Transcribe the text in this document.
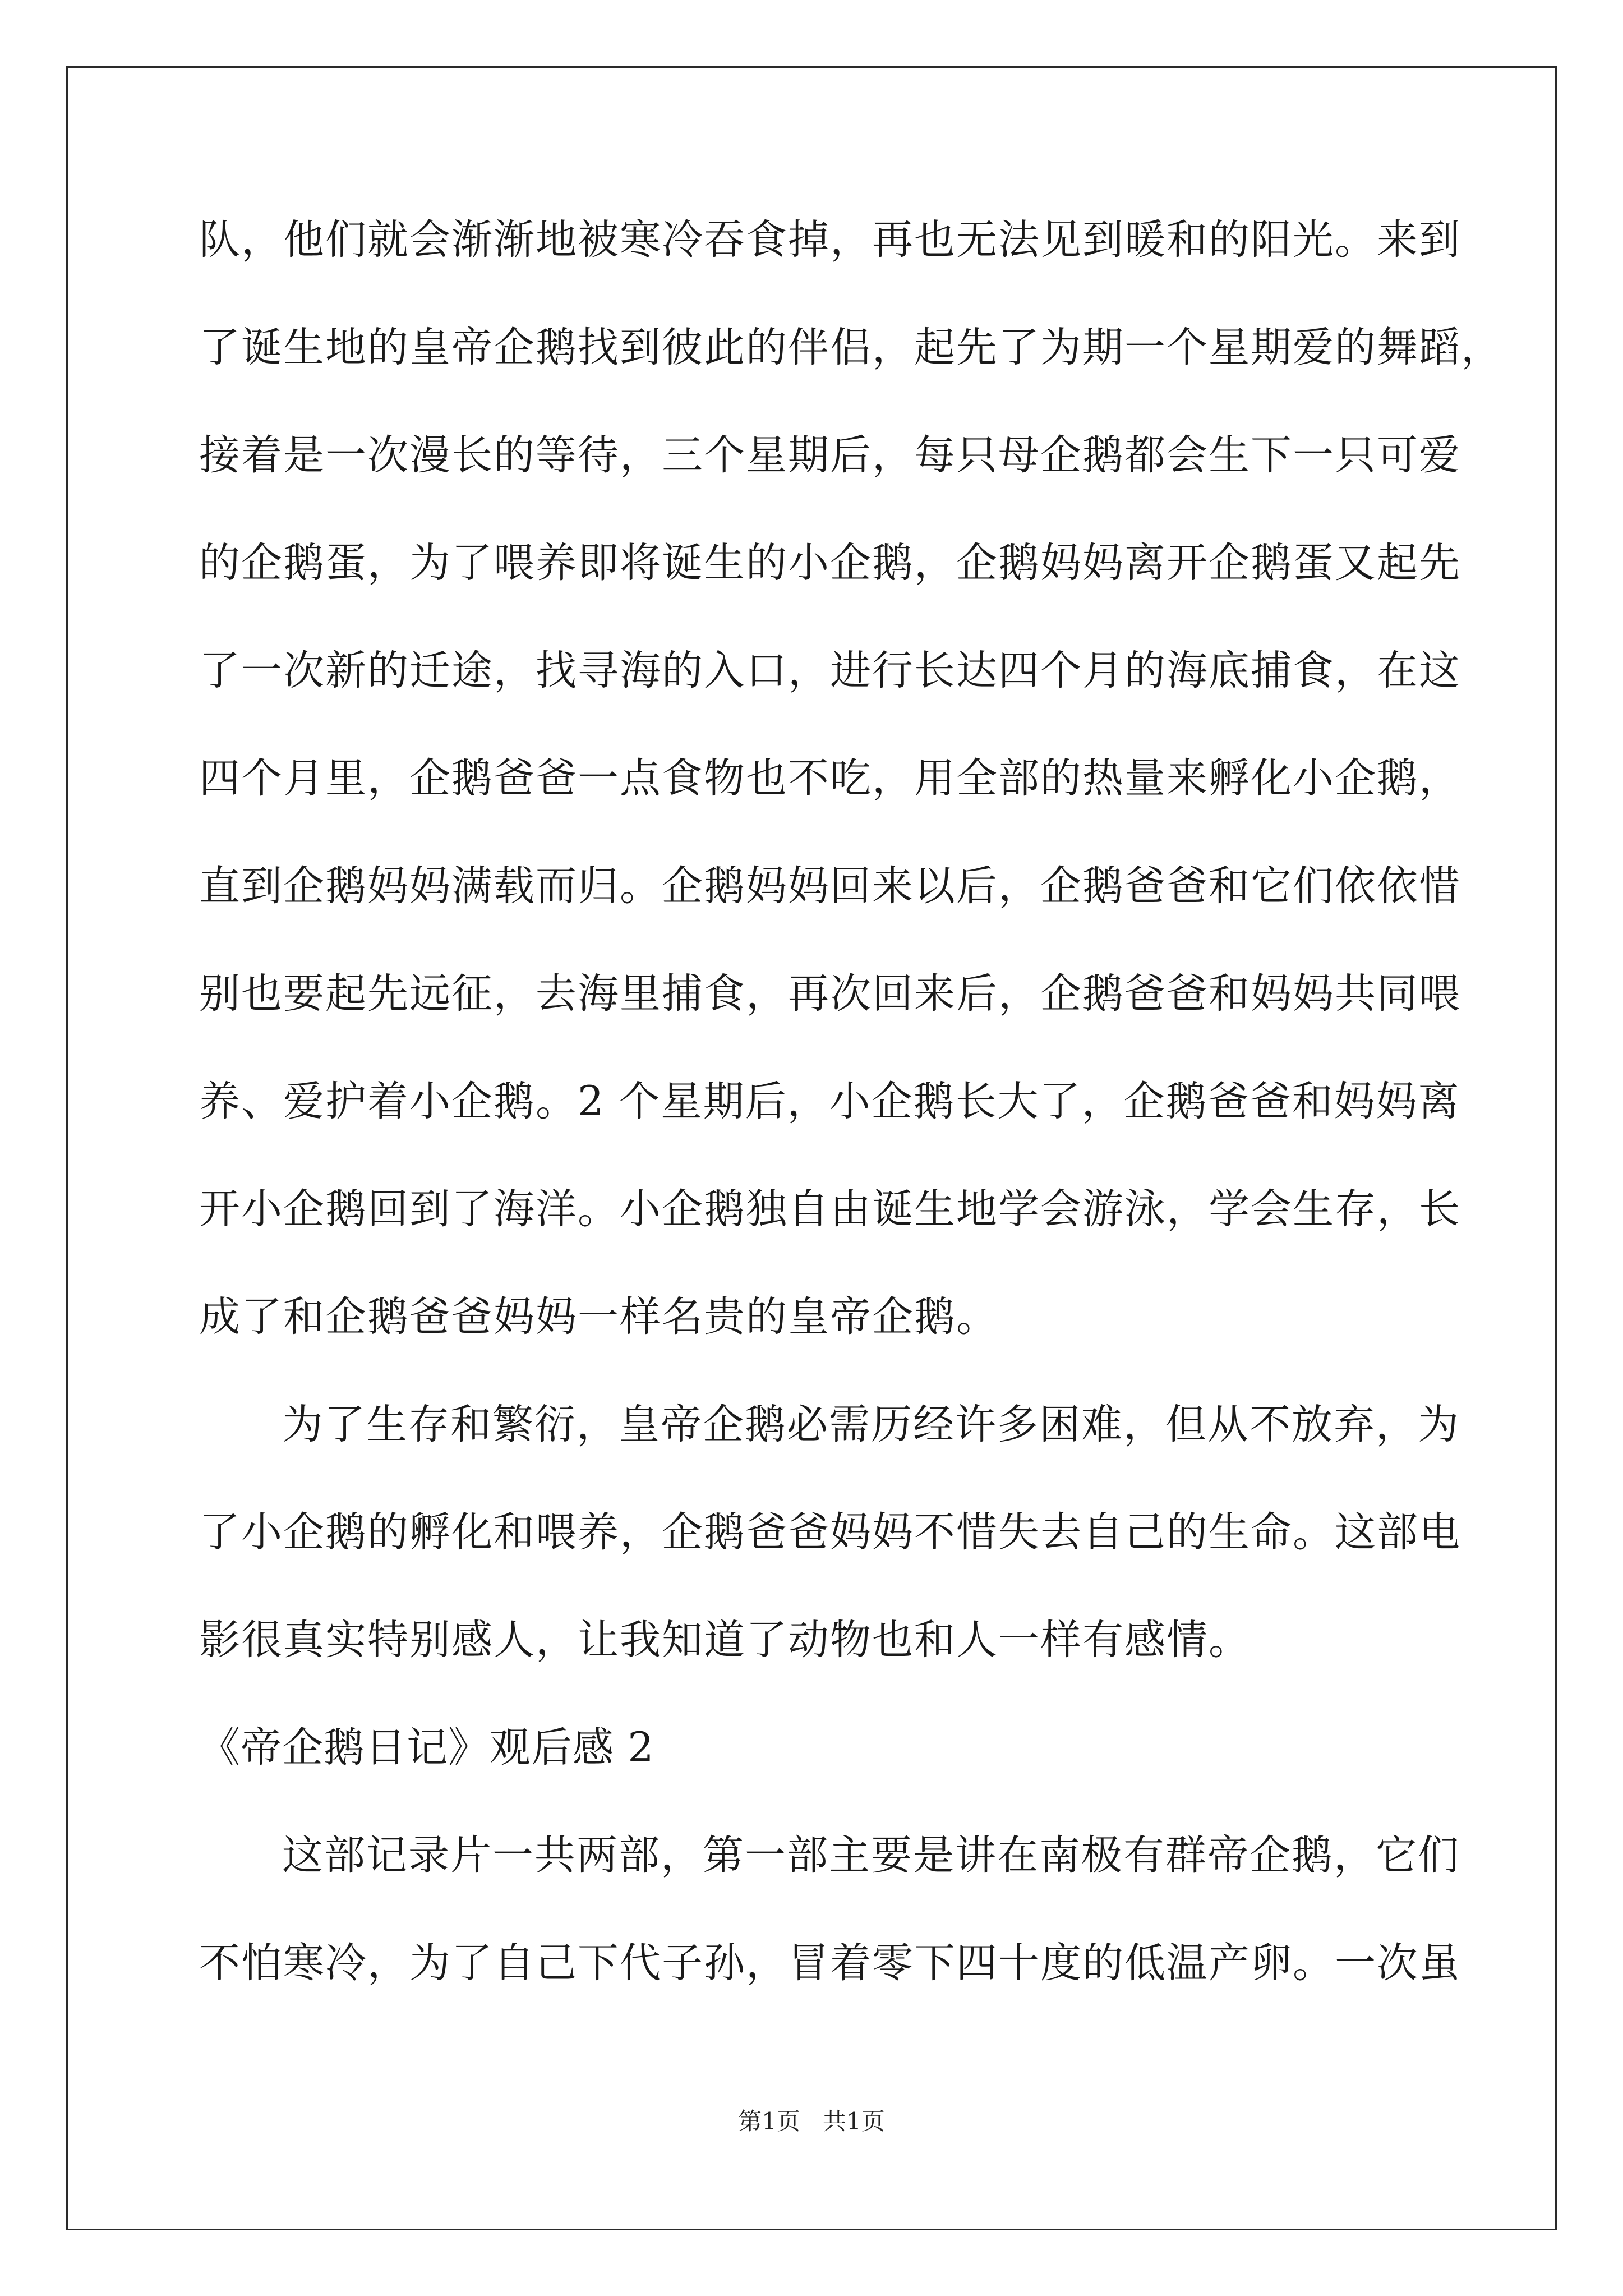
队，他们就会渐渐地被寒冷吞食掉，再也无法见到暖和的阳光。来到
了诞生地的皇帝企鹅找到彼此的伴侣，起先了为期一个星期爱的舞蹈，
接着是一次漫长的等待，三个星期后，每只母企鹅都会生下一只可爱
的企鹅蛋，为了喂养即将诞生的小企鹅，企鹅妈妈离开企鹅蛋又起先
了一次新的迁途，找寻海的入口，进行长达四个月的海底捕食，在这
四个月里，企鹅爸爸一点食物也不吃，用全部的热量来孵化小企鹅，
直到企鹅妈妈满载而归。企鹅妈妈回来以后，企鹅爸爸和它们依依惜
别也要起先远征，去海里捕食，再次回来后，企鹅爸爸和妈妈共同喂
养、爱护着小企鹅。2 个星期后，小企鹅长大了，企鹅爸爸和妈妈离
开小企鹅回到了海洋。小企鹅独自由诞生地学会游泳，学会生存，长
成了和企鹅爸爸妈妈一样名贵的皇帝企鹅。
为了生存和繁衍，皇帝企鹅必需历经许多困难，但从不放弃，为
了小企鹅的孵化和喂养，企鹅爸爸妈妈不惜失去自己的生命。这部电
影很真实特别感人，让我知道了动物也和人一样有感情。
《帝企鹅日记》观后感 2
这部记录片一共两部，第一部主要是讲在南极有群帝企鹅，它们
不怕寒冷，为了自己下代子孙，冒着零下四十度的低温产卵。一次虽
第1页   共1页
